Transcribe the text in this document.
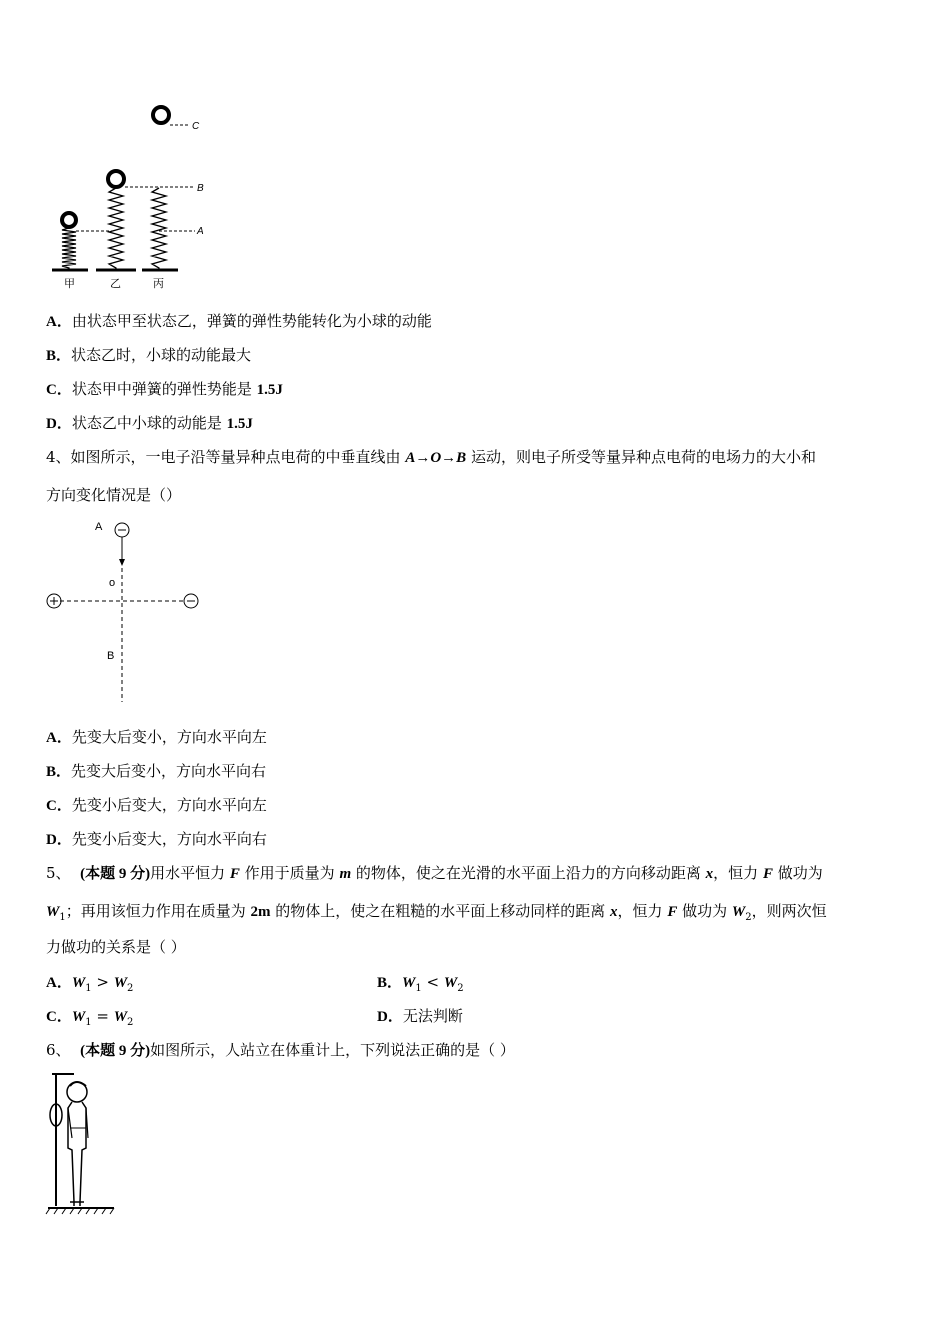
C
B
A
甲	乙	丙
A．由状态甲至状态乙，弹簧的弹性势能转化为小球的动能
B．状态乙时，小球的动能最大
C．状态甲中弹簧的弹性势能是 1.5J
D．状态乙中小球的动能是 1.5J
4、如图所示，一电子沿等量异种点电荷的中垂直线由 A→O→B 运动，则电子所受等量异种点电荷的电场力的大小和
方向变化情况是（）
A
o
B
A．先变大后变小，方向水平向左
B．先变大后变小，方向水平向右
C．先变小后变大，方向水平向左
D．先变小后变大，方向水平向右
5、 (本题 9 分)用水平恒力 F 作用于质量为 m 的物体，使之在光滑的水平面上沿力的方向移动距离 x，恒力 F 做功为
$W_1$；再用该恒力作用在质量为 2m 的物体上，使之在粗糙的水平面上移动同样的距离 x，恒力 F 做功为 $W_2$，则两次恒
力做功的关系是（ ）
A．$W_1 > W_2$	B．$W_1 < W_2$
C．$W_1 = W_2$	D．无法判断
6、 (本题 9 分)如图所示，人站立在体重计上，下列说法正确的是（ ）
